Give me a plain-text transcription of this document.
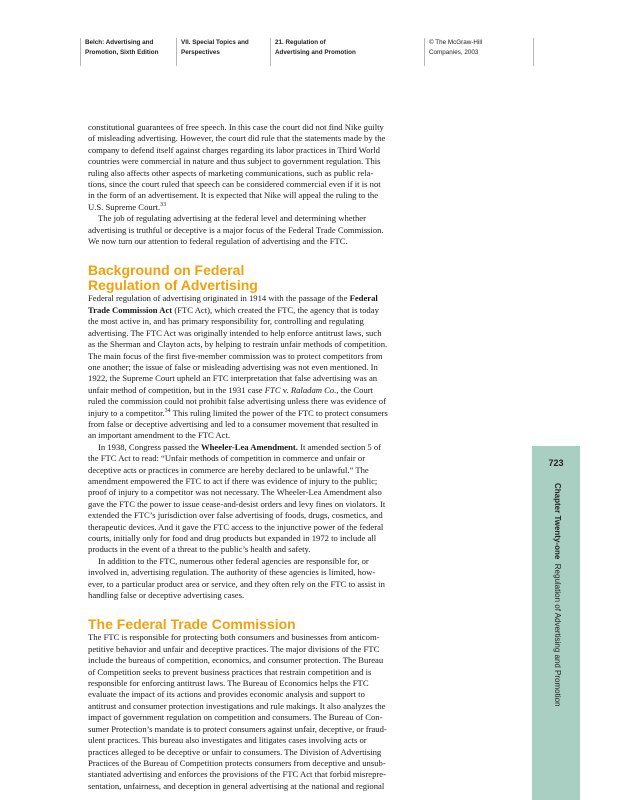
Belch: Advertising and
Promotion, Sixth Edition
VII. Special Topics and
Perspectives
21. Regulation of
Advertising and Promotion
© The McGraw-Hill
Companies, 2003

constitutional guarantees of free speech. In this case the court did not find Nike guilty
of misleading advertising. However, the court did rule that the statements made by the
company to defend itself against charges regarding its labor practices in Third World
countries were commercial in nature and thus subject to government regulation. This
ruling also affects other aspects of marketing communications, such as public rela-
tions, since the court ruled that speech can be considered commercial even if it is not
in the form of an advertisement. It is expected that Nike will appeal the ruling to the
U.S. Supreme Court.$^{33}$

The job of regulating advertising at the federal level and determining whether
advertising is truthful or deceptive is a major focus of the Federal Trade Commission.
We now turn our attention to federal regulation of advertising and the FTC.

Background on Federal
Regulation of Advertising

Federal regulation of advertising originated in 1914 with the passage of the Federal
Trade Commission Act (FTC Act), which created the FTC, the agency that is today
the most active in, and has primary responsibility for, controlling and regulating
advertising. The FTC Act was originally intended to help enforce antitrust laws, such
as the Sherman and Clayton acts, by helping to restrain unfair methods of competition.
The main focus of the first five-member commission was to protect competitors from
one another; the issue of false or misleading advertising was not even mentioned. In
1922, the Supreme Court upheld an FTC interpretation that false advertising was an
unfair method of competition, but in the 1931 case FTC v. Raladam Co., the Court
ruled the commission could not prohibit false advertising unless there was evidence of
injury to a competitor.$^{34}$ This ruling limited the power of the FTC to protect consumers
from false or deceptive advertising and led to a consumer movement that resulted in
an important amendment to the FTC Act.

In 1938, Congress passed the Wheeler-Lea Amendment. It amended section 5 of
the FTC Act to read: “Unfair methods of competition in commerce and unfair or
deceptive acts or practices in commerce are hereby declared to be unlawful.” The
amendment empowered the FTC to act if there was evidence of injury to the public;
proof of injury to a competitor was not necessary. The Wheeler-Lea Amendment also
gave the FTC the power to issue cease-and-desist orders and levy fines on violators. It
extended the FTC’s jurisdiction over false advertising of foods, drugs, cosmetics, and
therapeutic devices. And it gave the FTC access to the injunctive power of the federal
courts, initially only for food and drug products but expanded in 1972 to include all
products in the event of a threat to the public’s health and safety.

In addition to the FTC, numerous other federal agencies are responsible for, or
involved in, advertising regulation. The authority of these agencies is limited, how-
ever, to a particular product area or service, and they often rely on the FTC to assist in
handling false or deceptive advertising cases.

The Federal Trade Commission

The FTC is responsible for protecting both consumers and businesses from anticom-
petitive behavior and unfair and deceptive practices. The major divisions of the FTC
include the bureaus of competition, economics, and consumer protection. The Bureau
of Competition seeks to prevent business practices that restrain competition and is
responsible for enforcing antitrust laws. The Bureau of Economics helps the FTC
evaluate the impact of its actions and provides economic analysis and support to
antitrust and consumer protection investigations and rule makings. It also analyzes the
impact of government regulation on competition and consumers. The Bureau of Con-
sumer Protection’s mandate is to protect consumers against unfair, deceptive, or fraud-
ulent practices. This bureau also investigates and litigates cases involving acts or
practices alleged to be deceptive or unfair to consumers. The Division of Advertising
Practices of the Bureau of Competition protects consumers from deceptive and unsub-
stantiated advertising and enforces the provisions of the FTC Act that forbid misrepre-
sentation, unfairness, and deception in general advertising at the national and regional

723
Chapter Twenty-one  Regulation of Advertising and Promotion
